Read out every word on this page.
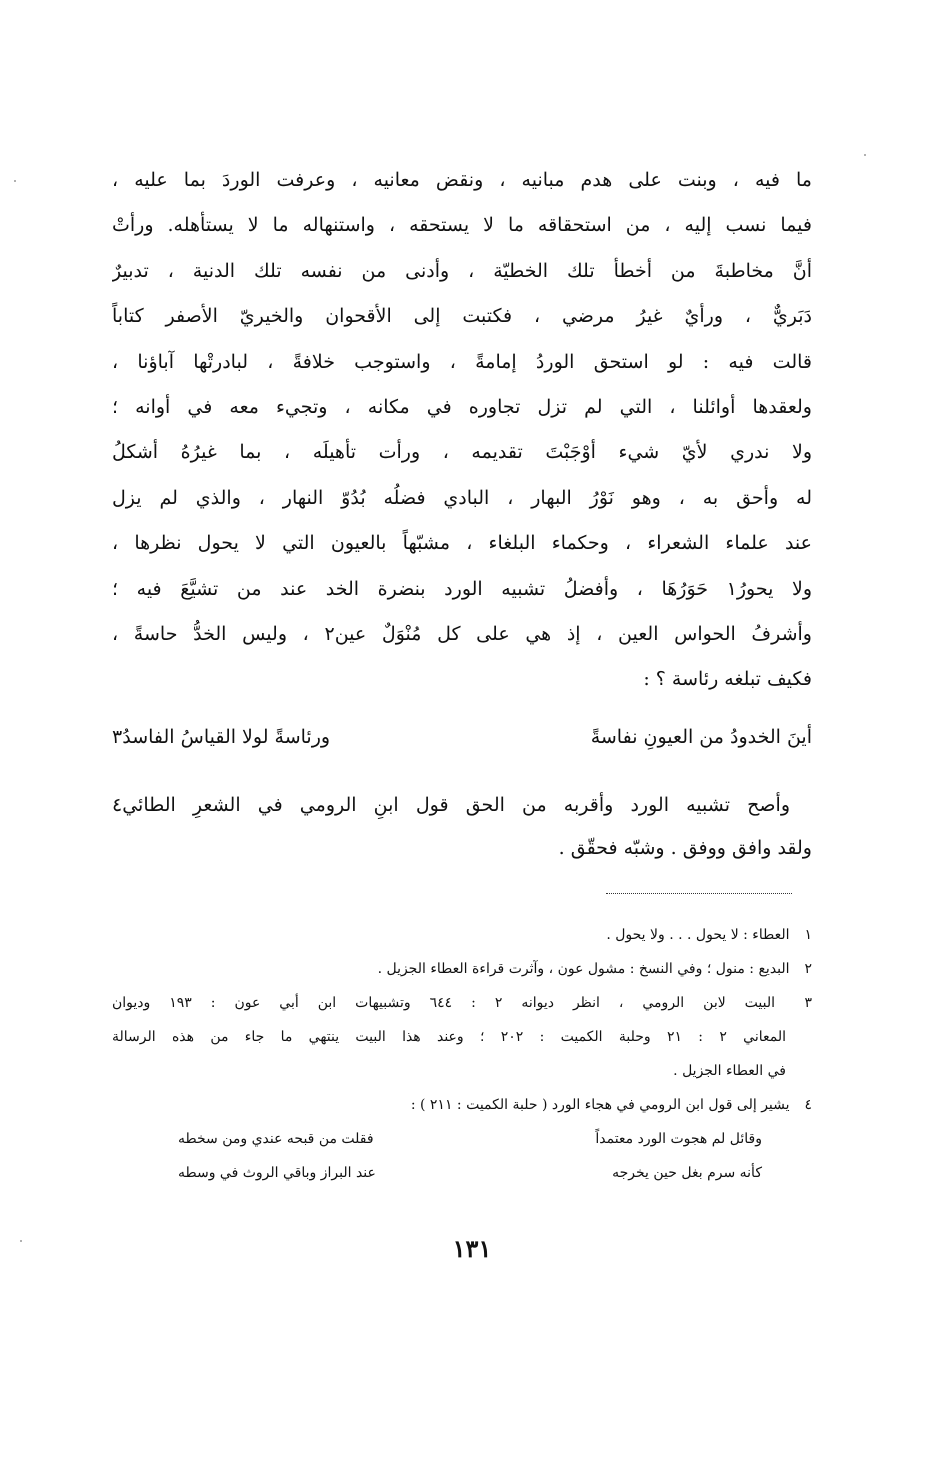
ما فيه ، وبنت على هدم مبانيه ، ونقض معانيه ، وعرفت الوردَ بما عليه ،
فيما نسب إليه ، من استحقاقه ما لا يستحقه ، واستنهاله ما لا يستأهله. ورأتْ
أنَّ مخاطبةَ من أخطأ تلك الخطيّة ، وأدنى من نفسه تلك الدنية ، تدبيرٌ
دَبَريٌّ ، ورأيٌ غيرُ مرضي ، فكتبت إلى الأقحوان والخيريّ الأصفر كتاباً
قالت فيه : لو استحق الوردُ إمامةً ، واستوجب خلافةً ، لبادرتْها آباؤنا ،
ولعقدها أوائلنا ، التي لم تزل تجاوره في مكانه ، وتجيء معه في أوانه ؛
ولا ندري لأيّ شيء أوْجَبْتَ تقديمه ، ورأت تأهيلَه ، بما غيرُهُ أشكلُ
له وأحق به ، وهو نَوْرُ البهار ، البادي فضلُه بُدُوّ النهار ، والذي لم يزل
عند علماء الشعراء ، وحكماء البلغاء ، مشبّهاً بالعيون التي لا يحول نظرها ،
ولا يحورُ١ حَوَرُهَا ، وأفضلُ تشبيه الورد بنضرة الخد عند من تشيَّعَ فيه ؛
وأشرفُ الحواس العين ، إذ هي على كل مُنْوَلٌ عين٢ ، وليس الخدُّ حاسةً ،
فكيف تبلغه رئاسة ؟ :
أينَ الخدودُ من العيونِ نفاسةً
ورئاسةً لولا القياسُ الفاسدُ٣
وأصح تشبيه الورد وأقربه من الحق قول ابنِ الرومي في الشعرِ الطائي٤
ولقد وافق ووفق . وشبّه فحقّق .
١ العطاء : لا يحول . . . ولا يحول .
٢ البديع : منول ؛ وفي النسخ : مشول عون ، وآثرت قراءة العطاء الجزيل .
٣ البيت لابن الرومي ، انظر ديوانه ٢ : ٦٤٤ وتشبيهات ابن أبي عون : ١٩٣ وديوان
المعاني ٢ : ٢١ وحلبة الكميت : ٢٠٢ ؛ وعند هذا البيت ينتهي ما جاء من هذه الرسالة
في العطاء الجزيل .
٤ يشير إلى قول ابن الرومي في هجاء الورد ( حلبة الكميت : ٢١١ ) :
وقائل لم هجوت الورد معتمداً
فقلت من قبحه عندي ومن سخطه
كأنه سرم بغل حين يخرجه
عند البراز وباقي الروث في وسطه
١٣١
